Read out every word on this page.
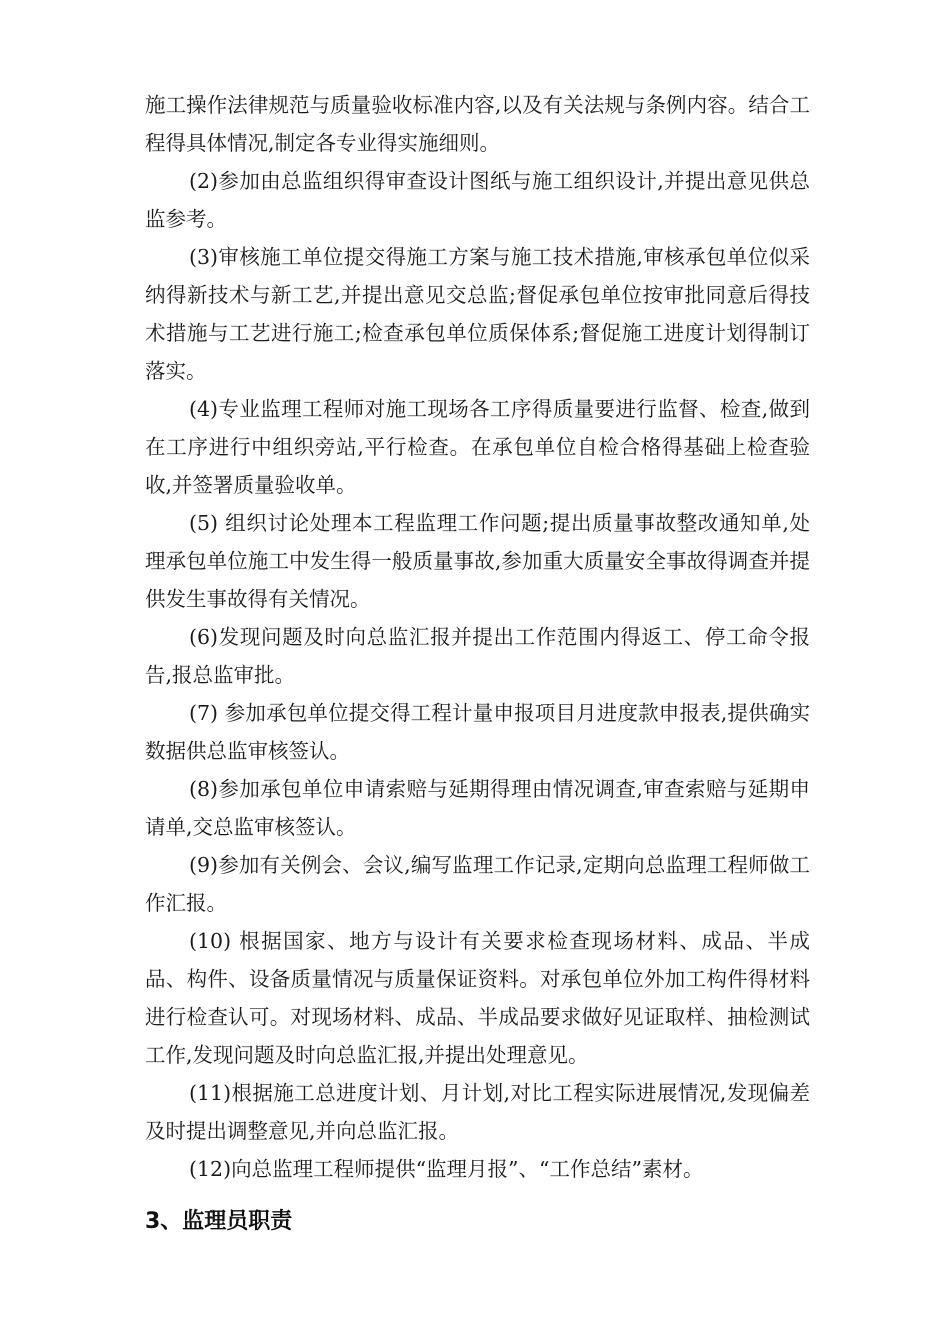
施工操作法律规范与质量验收标准内容,以及有关法规与条例内容。结合工程得具体情况,制定各专业得实施细则。

(2)参加由总监组织得审查设计图纸与施工组织设计,并提出意见供总监参考。

(3)审核施工单位提交得施工方案与施工技术措施,审核承包单位似采纳得新技术与新工艺,并提出意见交总监;督促承包单位按审批同意后得技术措施与工艺进行施工;检查承包单位质保体系;督促施工进度计划得制订落实。

(4)专业监理工程师对施工现场各工序得质量要进行监督、检查,做到在工序进行中组织旁站,平行检查。在承包单位自检合格得基础上检查验收,并签署质量验收单。

(5) 组织讨论处理本工程监理工作问题;提出质量事故整改通知单,处理承包单位施工中发生得一般质量事故,参加重大质量安全事故得调查并提供发生事故得有关情况。

(6)发现问题及时向总监汇报并提出工作范围内得返工、停工命令报告,报总监审批。

(7) 参加承包单位提交得工程计量申报项目月进度款申报表,提供确实数据供总监审核签认。

(8)参加承包单位申请索赔与延期得理由情况调查,审查索赔与延期申请单,交总监审核签认。

(9)参加有关例会、会议,编写监理工作记录,定期向总监理工程师做工作汇报。

(10) 根据国家、地方与设计有关要求检查现场材料、成品、半成品、构件、设备质量情况与质量保证资料。对承包单位外加工构件得材料进行检查认可。对现场材料、成品、半成品要求做好见证取样、抽检测试工作,发现问题及时向总监汇报,并提出处理意见。

(11)根据施工总进度计划、月计划,对比工程实际进展情况,发现偏差及时提出调整意见,并向总监汇报。

(12)向总监理工程师提供“监理月报”、“工作总结”素材。

3、监理员职责
